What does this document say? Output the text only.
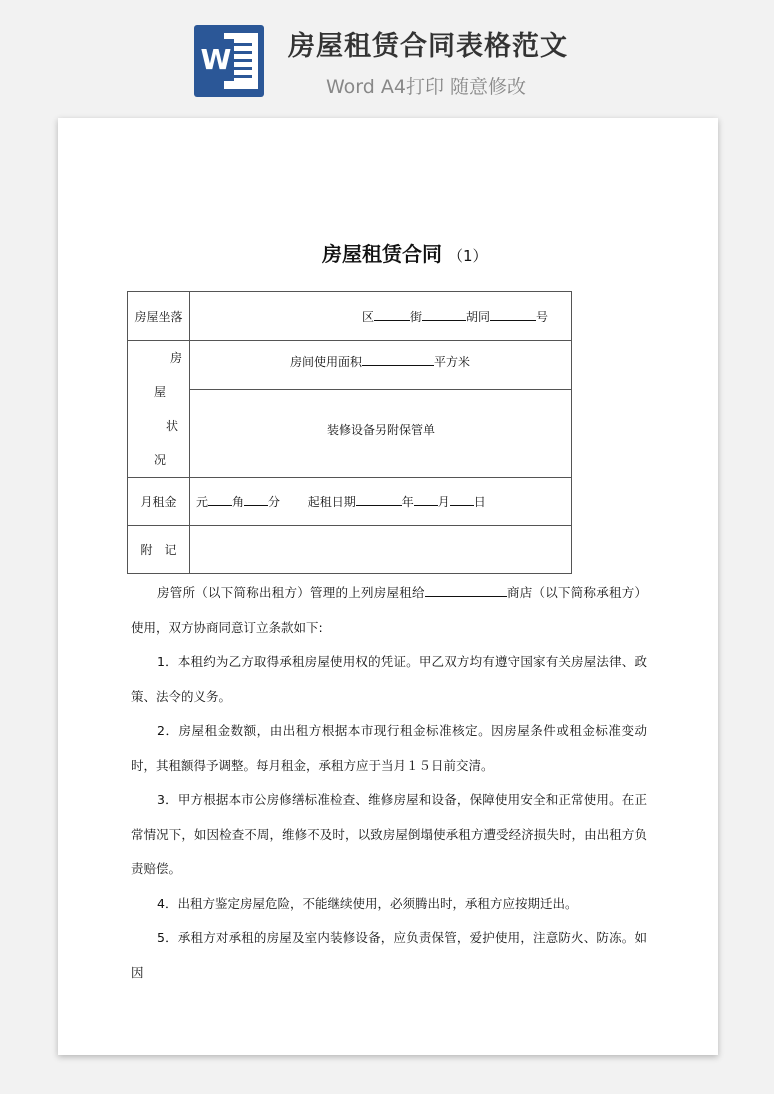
W 房屋租赁合同表格范文
Word A4打印 随意修改
房屋租赁合同 （1）
房屋坐落	区 街 胡同 号

房
屋
状
况	房间使用面积 平方米
	装修设备另附保管单
月租金	元 角 分 起租日期 年 月 日
附　记	

房管所（以下简称出租方）管理的上列房屋租给	商店（以下简称承租方）使用，双方协商同意订立条款如下:

1．本租约为乙方取得承租房屋使用权的凭证。甲乙双方均有遵守国家有关房屋法律、政策、法令的义务。

2．房屋租金数额，由出租方根据本市现行租金标准核定。因房屋条件或租金标准变动时，其租额得予调整。每月租金，承租方应于当月１５日前交清。

3．甲方根据本市公房修缮标准检查、维修房屋和设备，保障使用安全和正常使用。在正常情况下，如因检查不周，维修不及时，以致房屋倒塌使承租方遭受经济损失时，由出租方负责赔偿。

4．出租方鉴定房屋危险，不能继续使用，必须腾出时，承租方应按期迁出。

5．承租方对承租的房屋及室内装修设备，应负责保管，爱护使用，注意防火、防冻。如因
